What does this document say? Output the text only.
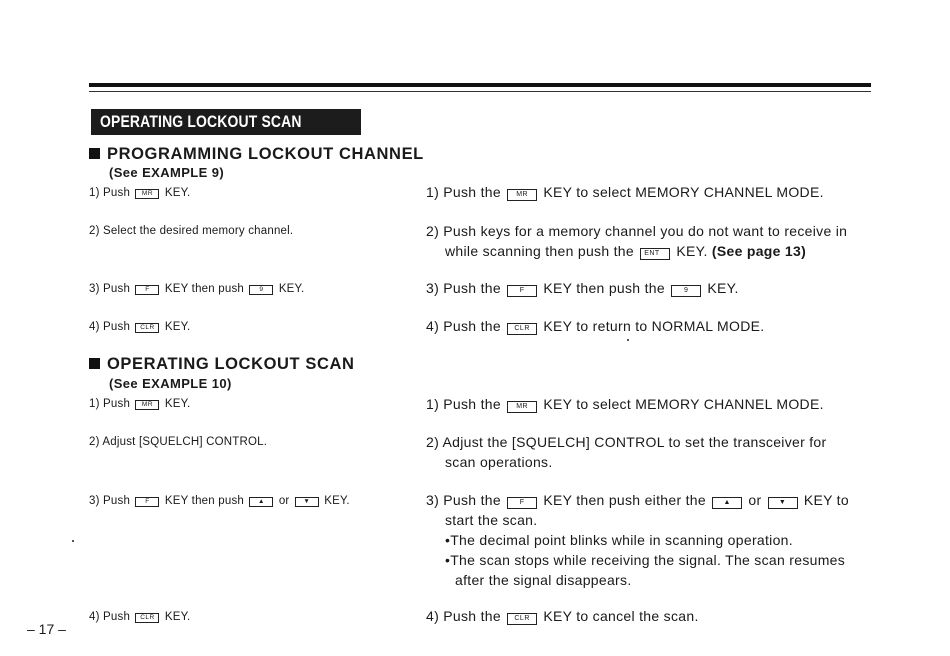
OPERATING LOCKOUT SCAN
PROGRAMMING LOCKOUT CHANNEL
(See EXAMPLE 9)
1) Push MR KEY.
2) Select the desired memory channel.
3) Push F KEY then push 9 KEY.
4) Push CLR KEY.
1) Push the MR KEY to select MEMORY CHANNEL MODE.
2) Push keys for a memory channel you do not want to receive in
while scanning then push the ENT KEY. (See page 13)
3) Push the	F KEY then push the	9 KEY.
4) Push the CLR KEY to return to NORMAL MODE.
OPERATING LOCKOUT SCAN
(See EXAMPLE 10)
1) Push MR KEY.
2) Adjust [SQUELCH] CONTROL.
3) Push F KEY then push ▲ or ▼ KEY.
4) Push CLR KEY.
1) Push the MR KEY to select MEMORY CHANNEL MODE.
2) Adjust the [SQUELCH] CONTROL to set the transceiver for
scan operations.
3) Push the	F KEY then push either the ▲ or ▼ KEY to
start the scan.
•The decimal point blinks while in scanning operation.
•The scan stops while receiving the signal. The scan resumes
after the signal disappears.
4) Push the CLR KEY to cancel the scan.
– 17 –
